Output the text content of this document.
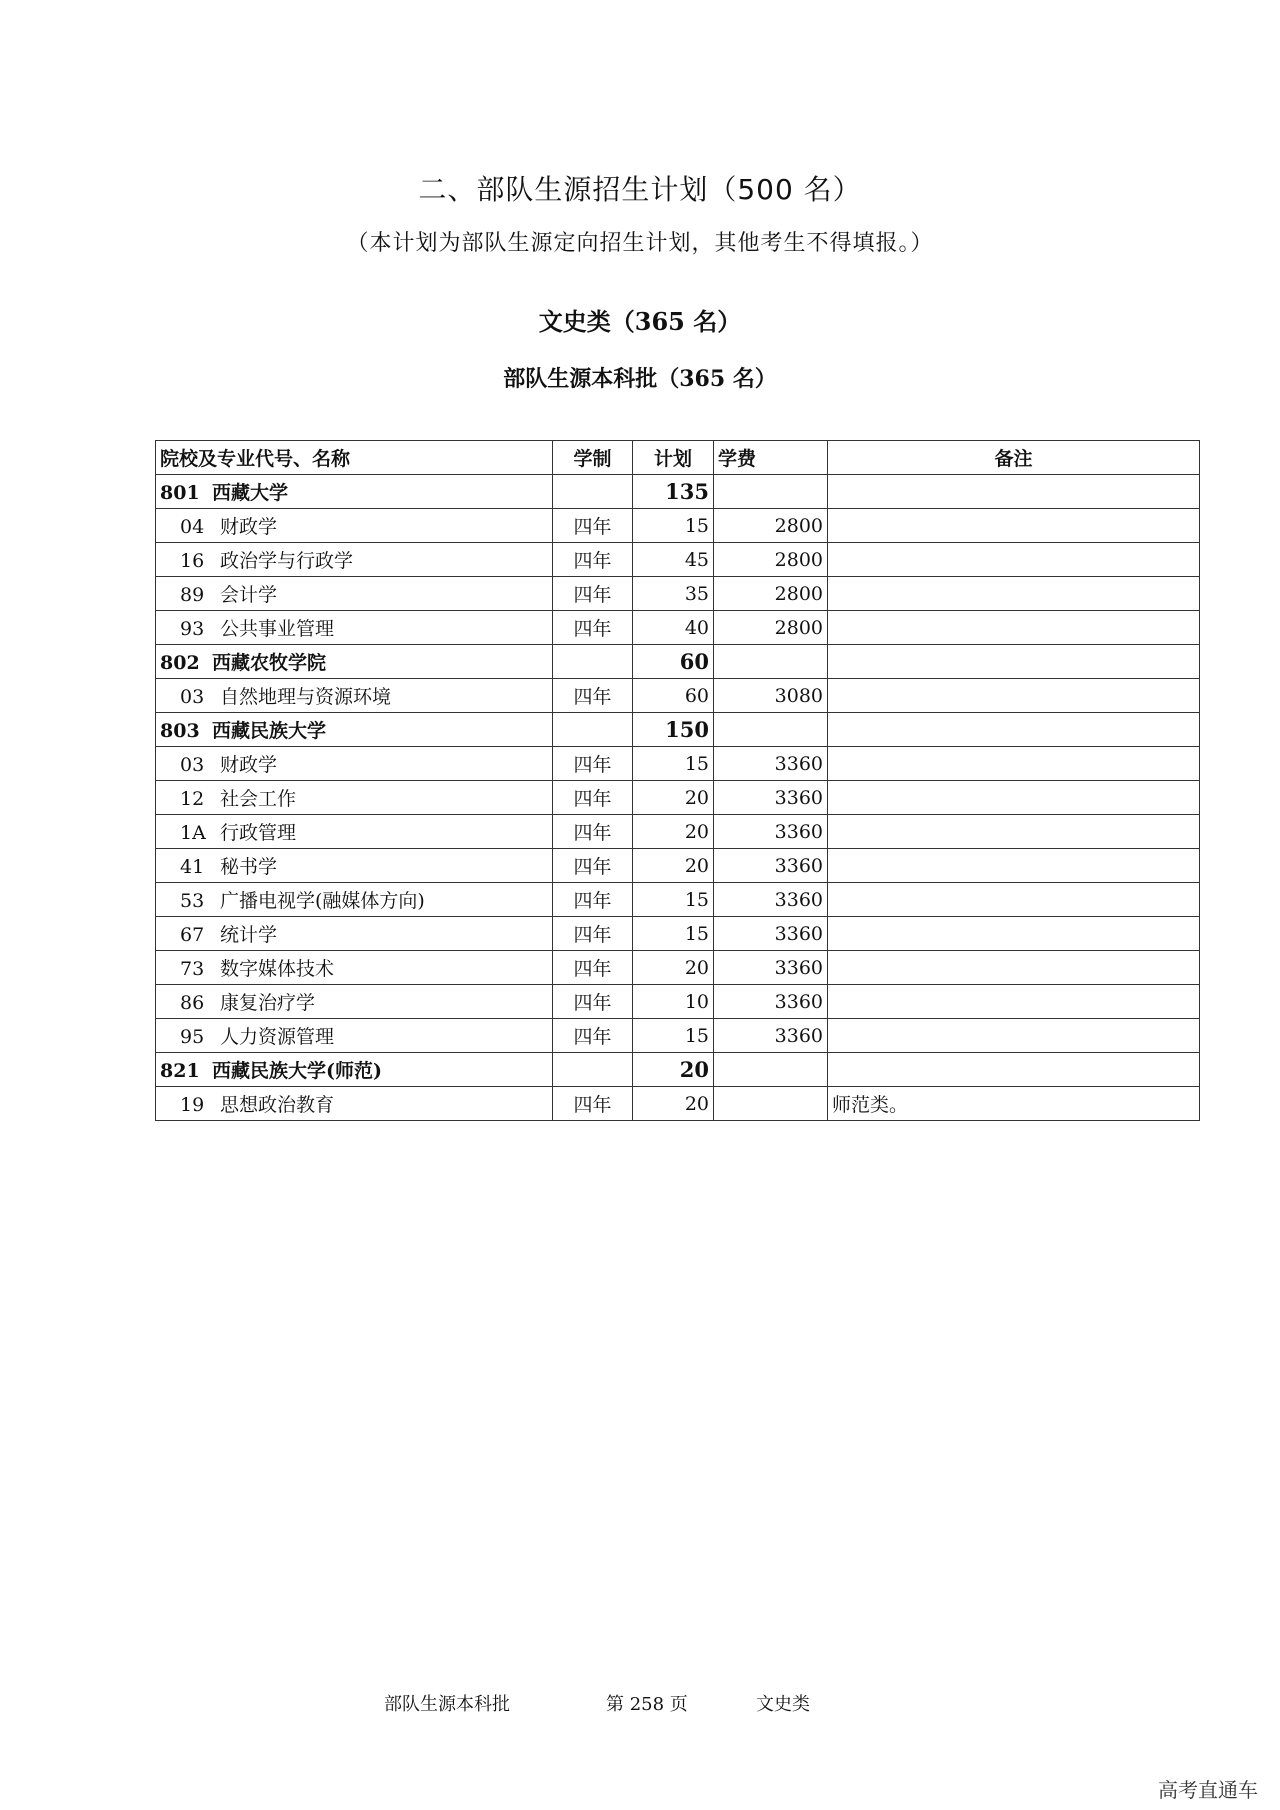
二、部队生源招生计划（500 名）
（本计划为部队生源定向招生计划，其他考生不得填报。）
文史类（365 名）
部队生源本科批（365 名）
院校及专业代号、名称	学制	计划	学费	备注
801 西藏大学		135		
04 财政学	四年	15	2800	
16 政治学与行政学	四年	45	2800	
89 会计学	四年	35	2800	
93 公共事业管理	四年	40	2800	
802 西藏农牧学院		60		
03 自然地理与资源环境	四年	60	3080	
803 西藏民族大学		150		
03 财政学	四年	15	3360	
12 社会工作	四年	20	3360	
1A 行政管理	四年	20	3360	
41 秘书学	四年	20	3360	
53 广播电视学(融媒体方向)	四年	15	3360	
67 统计学	四年	15	3360	
73 数字媒体技术	四年	20	3360	
86 康复治疗学	四年	10	3360	
95 人力资源管理	四年	15	3360	
821 西藏民族大学(师范)		20		
19 思想政治教育	四年	20		师范类。
部队生源本科批	第 258 页	文史类
高考直通车
